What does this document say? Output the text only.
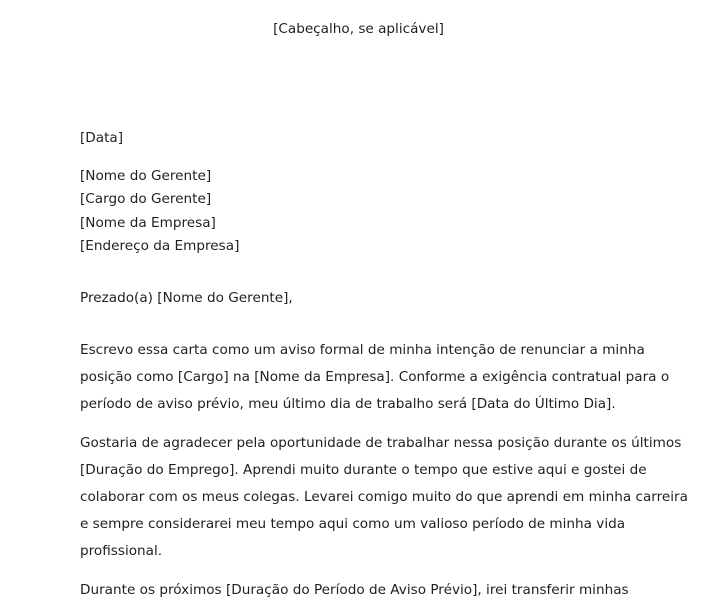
[Cabeçalho, se aplicável]
[Data]
[Nome do Gerente]
[Cargo do Gerente]
[Nome da Empresa]
[Endereço da Empresa]
Prezado(a) [Nome do Gerente],
Escrevo essa carta como um aviso formal de minha intenção de renunciar a minha
posição como [Cargo] na [Nome da Empresa]. Conforme a exigência contratual para o
período de aviso prévio, meu último dia de trabalho será [Data do Último Dia].
Gostaria de agradecer pela oportunidade de trabalhar nessa posição durante os últimos
[Duração do Emprego]. Aprendi muito durante o tempo que estive aqui e gostei de
colaborar com os meus colegas. Levarei comigo muito do que aprendi em minha carreira
e sempre considerarei meu tempo aqui como um valioso período de minha vida
profissional.
Durante os próximos [Duração do Período de Aviso Prévio], irei transferir minhas
